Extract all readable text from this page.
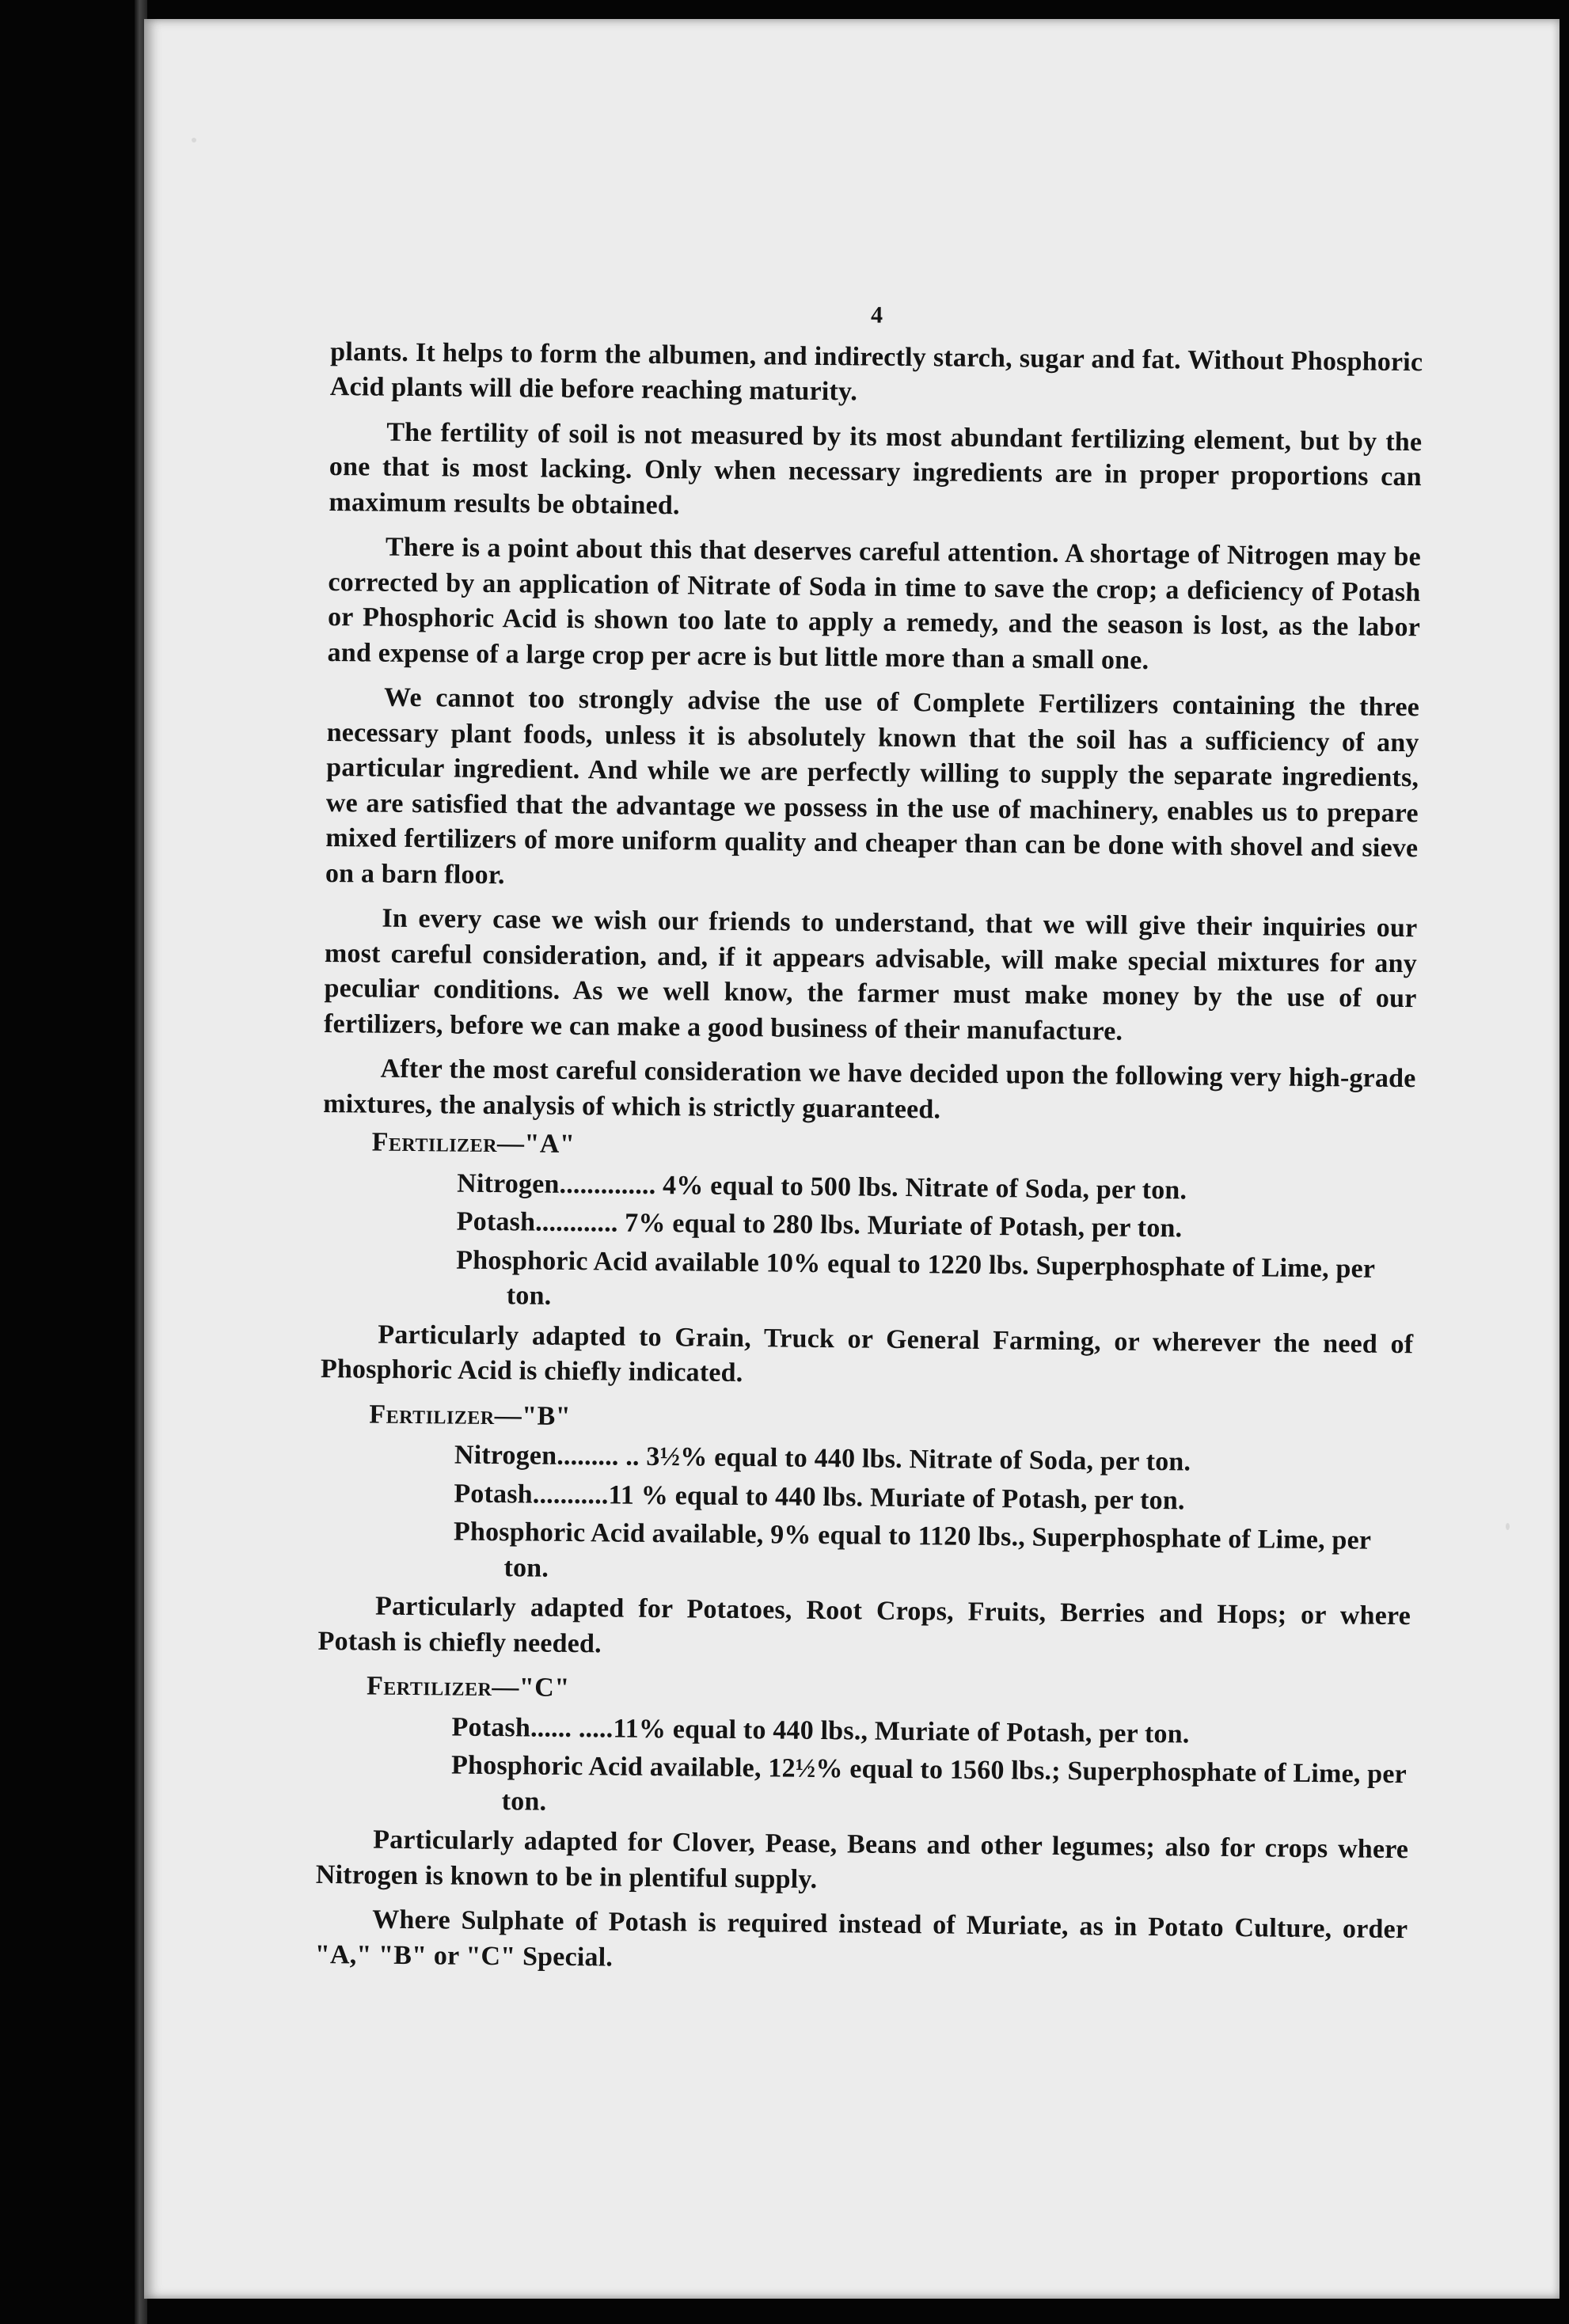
4

plants. It helps to form the albumen, and indirectly starch, sugar and fat. Without Phosphoric Acid plants will die before reaching maturity.

The fertility of soil is not measured by its most abundant fertilizing element, but by the one that is most lacking. Only when necessary ingredients are in proper proportions can maximum results be obtained.

There is a point about this that deserves careful attention. A shortage of Nitrogen may be corrected by an application of Nitrate of Soda in time to save the crop; a deficiency of Potash or Phosphoric Acid is shown too late to apply a remedy, and the season is lost, as the labor and expense of a large crop per acre is but little more than a small one.

We cannot too strongly advise the use of Complete Fertilizers containing the three necessary plant foods, unless it is absolutely known that the soil has a sufficiency of any particular ingredient. And while we are perfectly willing to supply the separate ingredients, we are satisfied that the advantage we possess in the use of machinery, enables us to prepare mixed fertilizers of more uniform quality and cheaper than can be done with shovel and sieve on a barn floor.

In every case we wish our friends to understand, that we will give their inquiries our most careful consideration, and, if it appears advisable, will make special mixtures for any peculiar conditions. As we well know, the farmer must make money by the use of our fertilizers, before we can make a good business of their manufacture.

After the most careful consideration we have decided upon the following very high-grade mixtures, the analysis of which is strictly guaranteed.

Fertilizer—"A"
Nitrogen.............. 4% equal to 500 lbs. Nitrate of Soda, per ton.
Potash............ 7% equal to 280 lbs. Muriate of Potash, per ton.
Phosphoric Acid available 10% equal to 1220 lbs. Superphosphate of Lime, per ton.

Particularly adapted to Grain, Truck or General Farming, or wherever the need of Phosphoric Acid is chiefly indicated.

Fertilizer—"B"
Nitrogen......... .. 3½% equal to 440 lbs. Nitrate of Soda, per ton.
Potash...........11 % equal to 440 lbs. Muriate of Potash, per ton.
Phosphoric Acid available, 9% equal to 1120 lbs., Superphosphate of Lime, per ton.

Particularly adapted for Potatoes, Root Crops, Fruits, Berries and Hops; or where Potash is chiefly needed.

Fertilizer—"C"
Potash...... .....11% equal to 440 lbs., Muriate of Potash, per ton.
Phosphoric Acid available, 12½% equal to 1560 lbs.; Superphosphate of Lime, per ton.

Particularly adapted for Clover, Pease, Beans and other legumes; also for crops where Nitrogen is known to be in plentiful supply.

Where Sulphate of Potash is required instead of Muriate, as in Potato Culture, order "A," "B" or "C" Special.
